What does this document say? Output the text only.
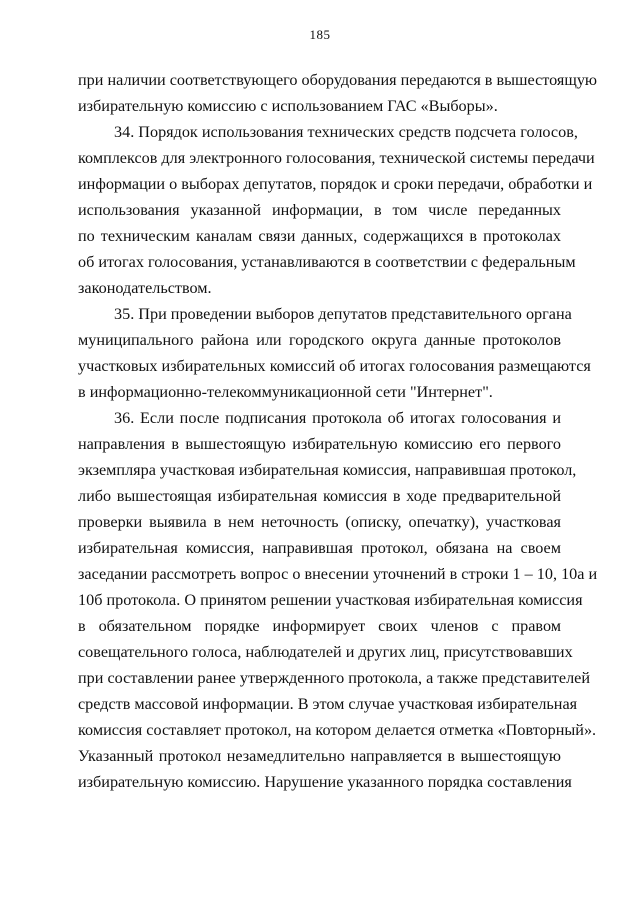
185
при наличии соответствующего оборудования передаются в вышестоящую
избирательную комиссию с использованием ГАС «Выборы».
34. Порядок использования технических средств подсчета голосов,
комплексов для электронного голосования, технической системы передачи
информации о выборах депутатов, порядок и сроки передачи, обработки и
использования указанной информации, в том числе переданных
по техническим каналам связи данных, содержащихся в протоколах
об итогах голосования, устанавливаются в соответствии с федеральным
законодательством.
35. При проведении выборов депутатов представительного органа
муниципального района или городского округа данные протоколов
участковых избирательных комиссий об итогах голосования размещаются
в информационно-телекоммуникационной сети "Интернет".
36. Если после подписания протокола об итогах голосования и
направления в вышестоящую избирательную комиссию его первого
экземпляра участковая избирательная комиссия, направившая протокол,
либо вышестоящая избирательная комиссия в ходе предварительной
проверки выявила в нем неточность (описку, опечатку), участковая
избирательная комиссия, направившая протокол, обязана на своем
заседании рассмотреть вопрос о внесении уточнений в строки 1 – 10, 10а и
10б протокола. О принятом решении участковая избирательная комиссия
в обязательном порядке информирует своих членов с правом
совещательного голоса, наблюдателей и других лиц, присутствовавших
при составлении ранее утвержденного протокола, а также представителей
средств массовой информации. В этом случае участковая избирательная
комиссия составляет протокол, на котором делается отметка «Повторный».
Указанный протокол незамедлительно направляется в вышестоящую
избирательную комиссию. Нарушение указанного порядка составления
